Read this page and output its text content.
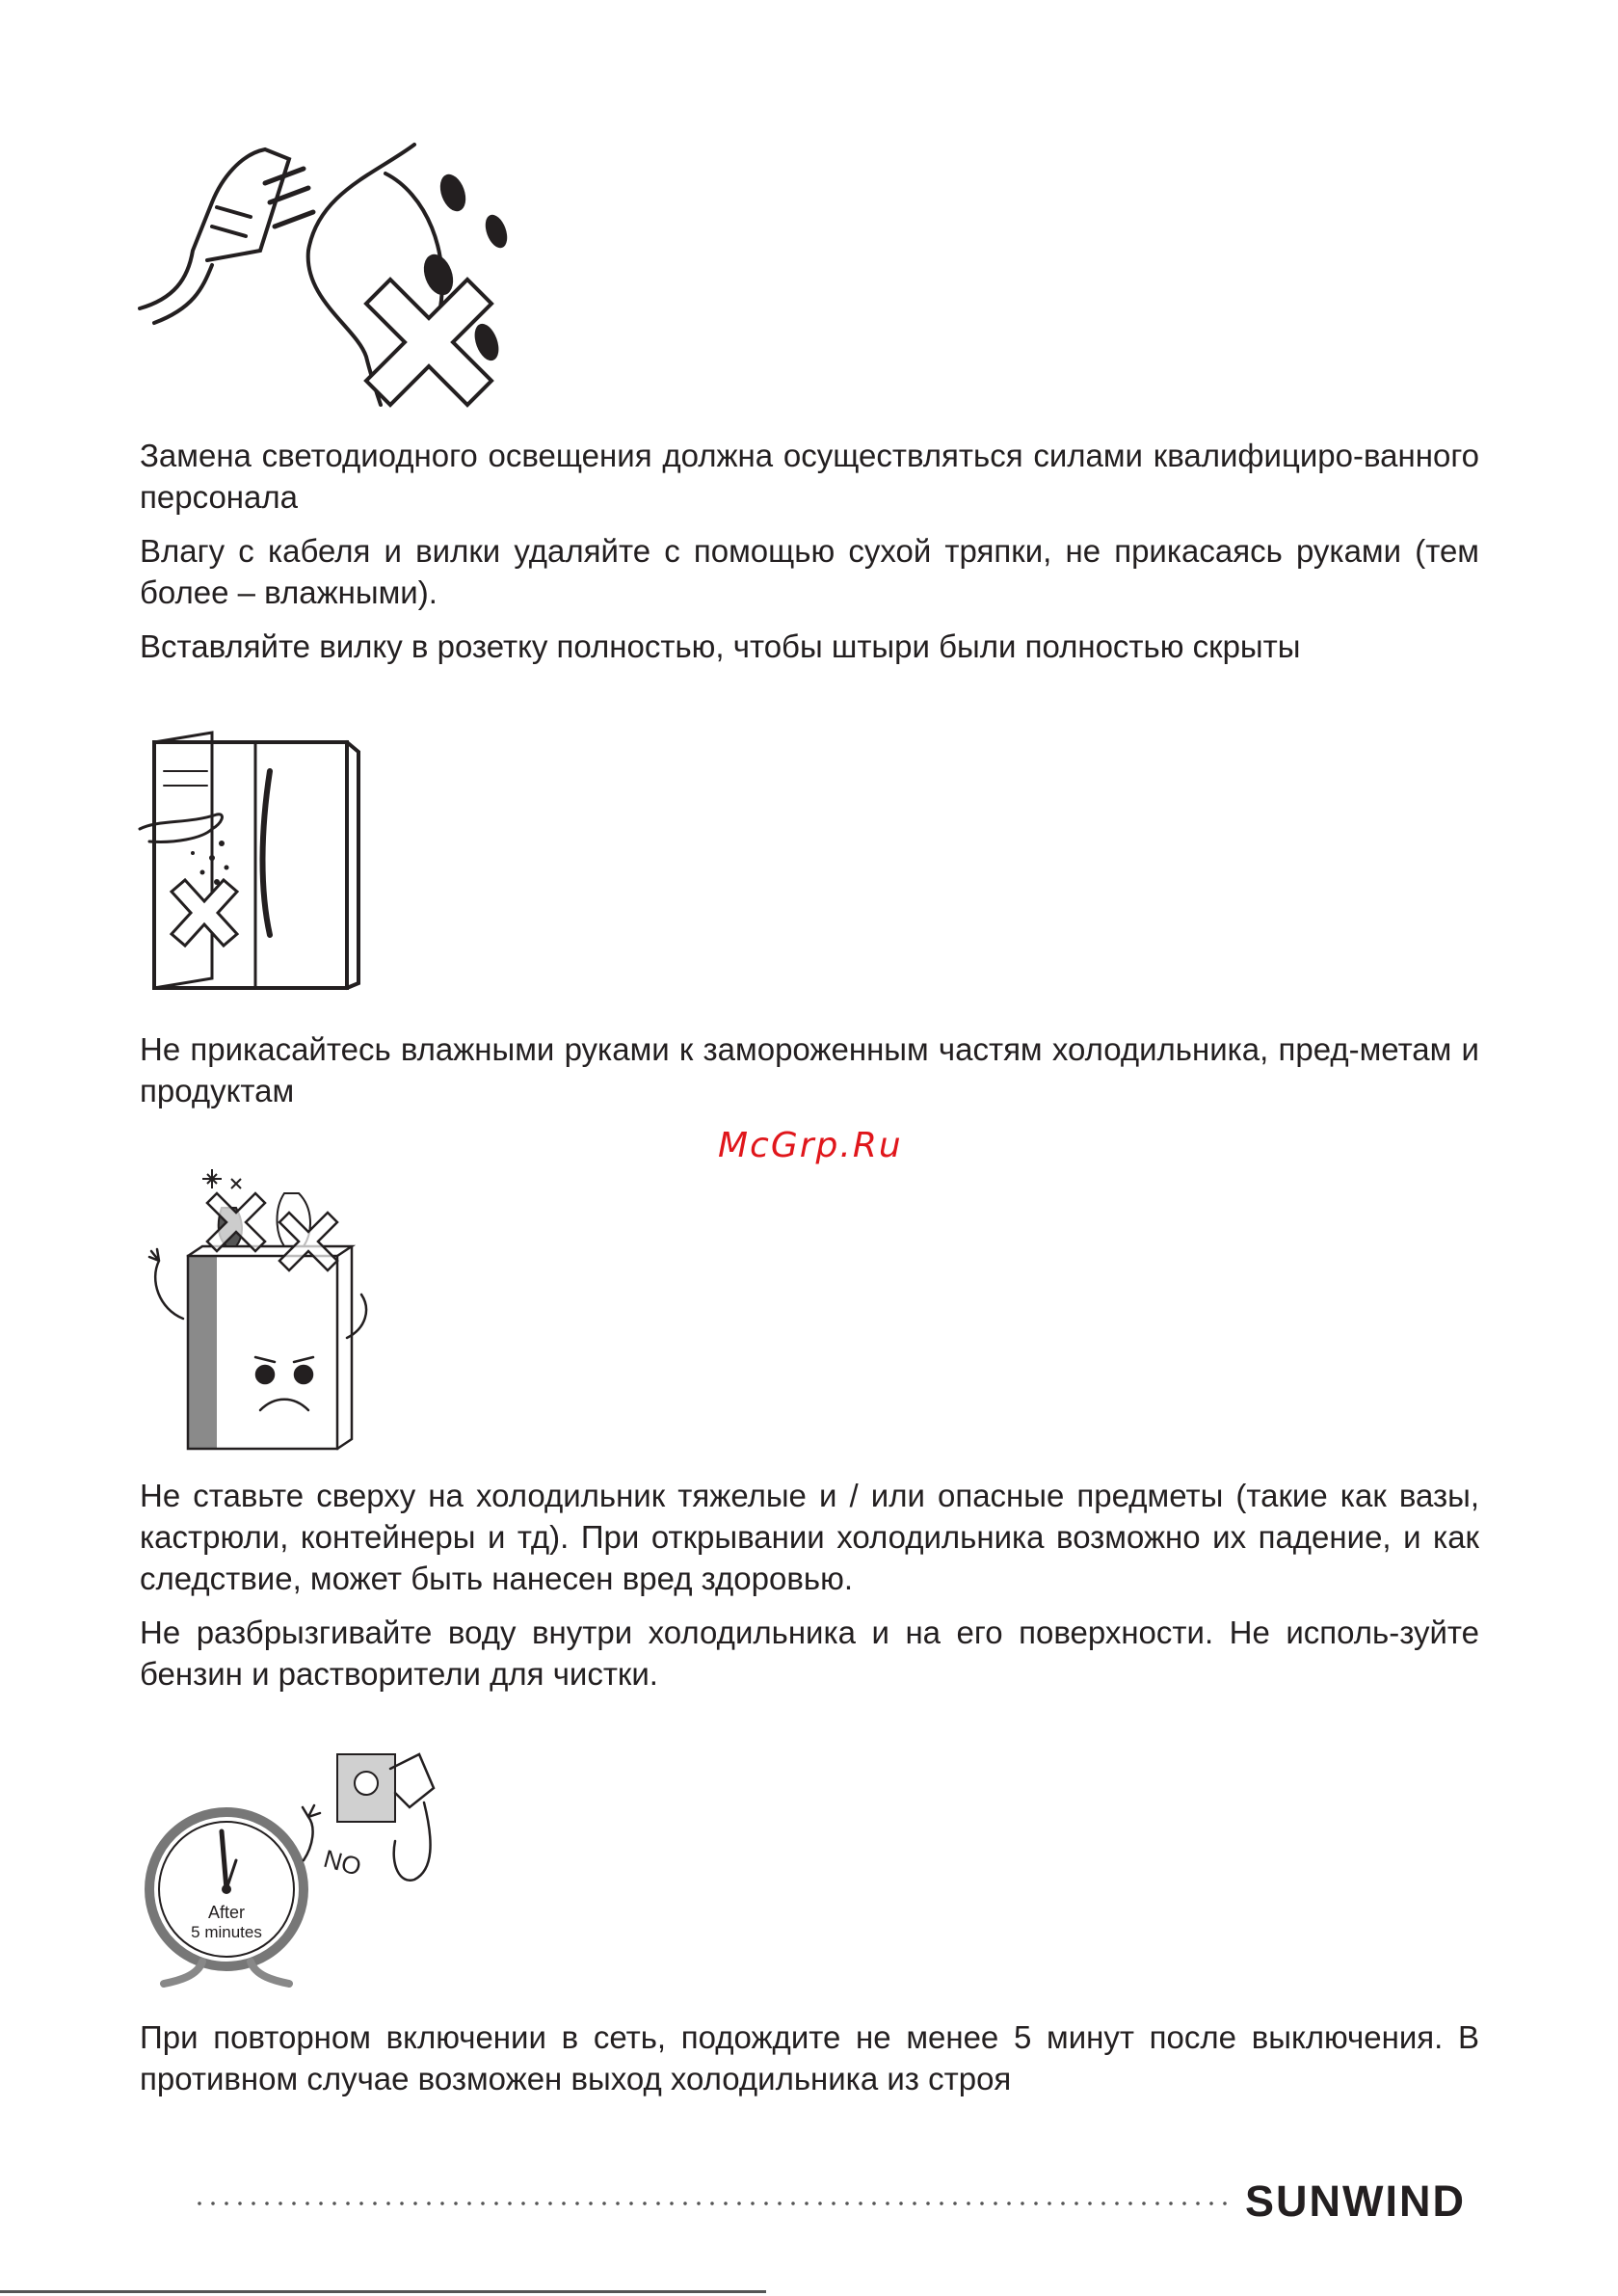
Замена светодиодного освещения должна осуществляться силами квалифициро-ванного персонала

Влагу с кабеля и вилки удаляйте с помощью сухой тряпки, не прикасаясь руками (тем более – влажными).

Вставляйте вилку в розетку полностью, чтобы штыри были полностью скрыты

Не прикасайтесь влажными руками к замороженным частям холодильника, пред-метам и продуктам

McGrp.Ru

Не ставьте сверху на холодильник тяжелые и / или опасные предметы (такие как вазы, кастрюли, контейнеры и тд). При открывании холодильника возможно их падение, и как следствие, может быть нанесен вред здоровью.

Не разбрызгивайте воду внутри холодильника и на его поверхности. Не исполь-зуйте бензин и растворители для чистки.

After
5 minutes
NO

При повторном включении в сеть, подождите не менее 5 минут после выключения. В противном случае возможен выход холодильника из строя

SUNWIND
